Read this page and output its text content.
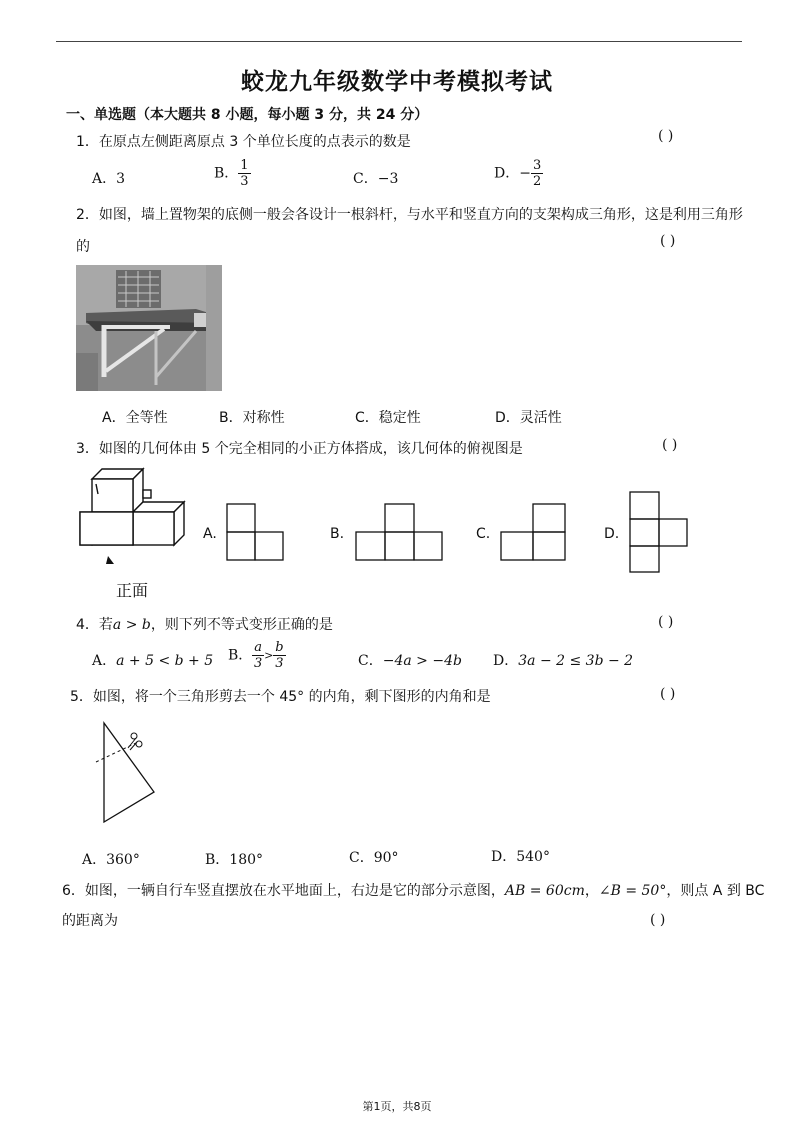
蛟龙九年级数学中考模拟考试
一、单选题（本大题共 8 小题，每小题 3 分，共 24 分）
1．在原点左侧距离原点 3 个单位长度的点表示的数是	( )
A．3	B． $\frac{1}{3}$	C．−3	D．− $\frac{3}{2}$
2．如图，墙上置物架的底侧一般会各设计一根斜杆，与水平和竖直方向的支架构成三角形，这是利用三角形
的	( )
A．全等性	B．对称性	C．稳定性	D．灵活性
3．如图的几何体由 5 个完全相同的小正方体搭成，该几何体的俯视图是	( )
正面
A.	B.	C.	D.
4．若a > b，则下列不等式变形正确的是	( )
A．a + 5 < b + 5 B． $\frac{a}{3} > \frac{b}{3}$	C．−4a > −4b D．3a − 2 ≤ 3b − 2
5．如图，将一个三角形剪去一个 45° 的内角，剩下图形的内角和是	( )
A．360°	B．180°	C．90°	D．540°
6．如图，一辆自行车竖直摆放在水平地面上，右边是它的部分示意图，AB = 60cm，∠B = 50°，则点 A 到 BC
的距离为	( )
第1页，共8页
